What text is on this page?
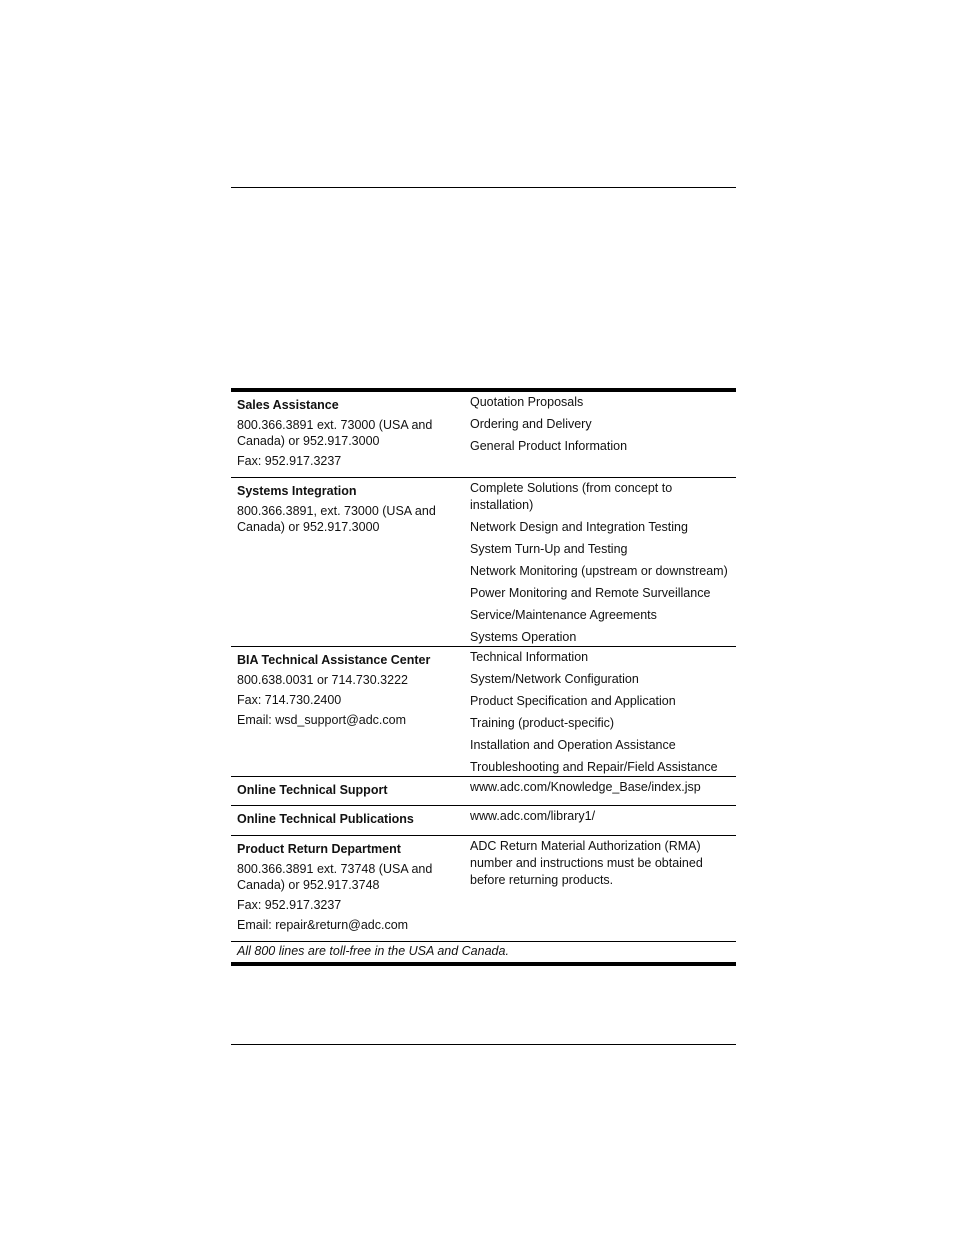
Sales Assistance
800.366.3891 ext. 73000 (USA and Canada) or 952.917.3000
Fax: 952.917.3237
Quotation Proposals
Ordering and Delivery
General Product Information
Systems Integration
800.366.3891, ext. 73000 (USA and Canada) or 952.917.3000
Complete Solutions (from concept to installation)
Network Design and Integration Testing
System Turn-Up and Testing
Network Monitoring (upstream or downstream)
Power Monitoring and Remote Surveillance
Service/Maintenance Agreements
Systems Operation
BIA Technical Assistance Center
800.638.0031 or 714.730.3222
Fax: 714.730.2400
Email: wsd_support@adc.com
Technical Information
System/Network Configuration
Product Specification and Application
Training (product-specific)
Installation and Operation Assistance
Troubleshooting and Repair/Field Assistance
Online Technical Support	www.adc.com/Knowledge_Base/index.jsp
Online Technical Publications	www.adc.com/library1/
Product Return Department
800.366.3891 ext. 73748 (USA and Canada) or 952.917.3748
Fax: 952.917.3237
Email: repair&return@adc.com
ADC Return Material Authorization (RMA) number and instructions must be obtained before returning products.
All 800 lines are toll-free in the USA and Canada.
